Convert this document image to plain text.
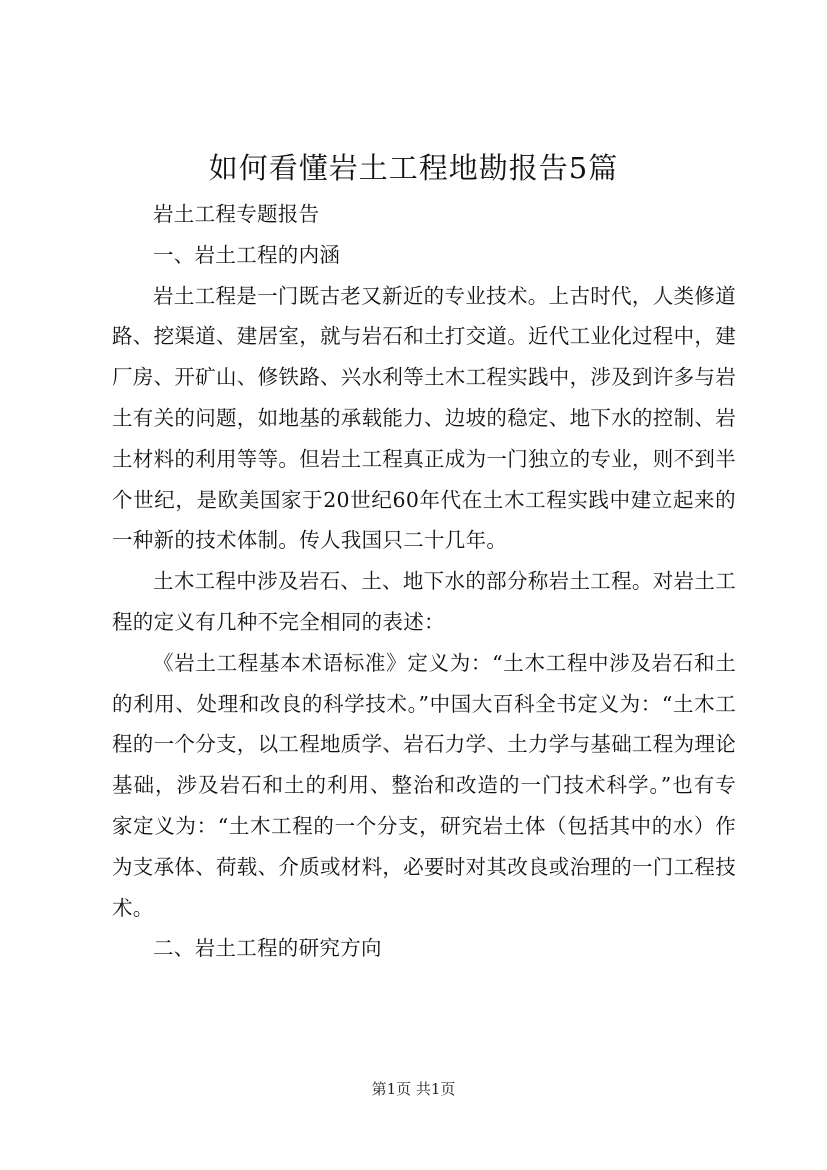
如何看懂岩土工程地勘报告5篇

岩土工程专题报告

一、岩土工程的内涵

岩土工程是一门既古老又新近的专业技术。上古时代，人类修道路、挖渠道、建居室，就与岩石和土打交道。近代工业化过程中，建厂房、开矿山、修铁路、兴水利等土木工程实践中，涉及到许多与岩土有关的问题，如地基的承载能力、边坡的稳定、地下水的控制、岩土材料的利用等等。但岩土工程真正成为一门独立的专业，则不到半个世纪，是欧美国家于20世纪60年代在土木工程实践中建立起来的一种新的技术体制。传人我国只二十几年。

土木工程中涉及岩石、土、地下水的部分称岩土工程。对岩土工程的定义有几种不完全相同的表述：

《岩土工程基本术语标准》定义为：“土木工程中涉及岩石和土的利用、处理和改良的科学技术。”中国大百科全书定义为：“土木工程的一个分支，以工程地质学、岩石力学、土力学与基础工程为理论基础，涉及岩石和土的利用、整治和改造的一门技术科学。”也有专家定义为：“土木工程的一个分支，研究岩土体（包括其中的水）作为支承体、荷载、介质或材料，必要时对其改良或治理的一门工程技术。

二、岩土工程的研究方向

第1页 共1页
